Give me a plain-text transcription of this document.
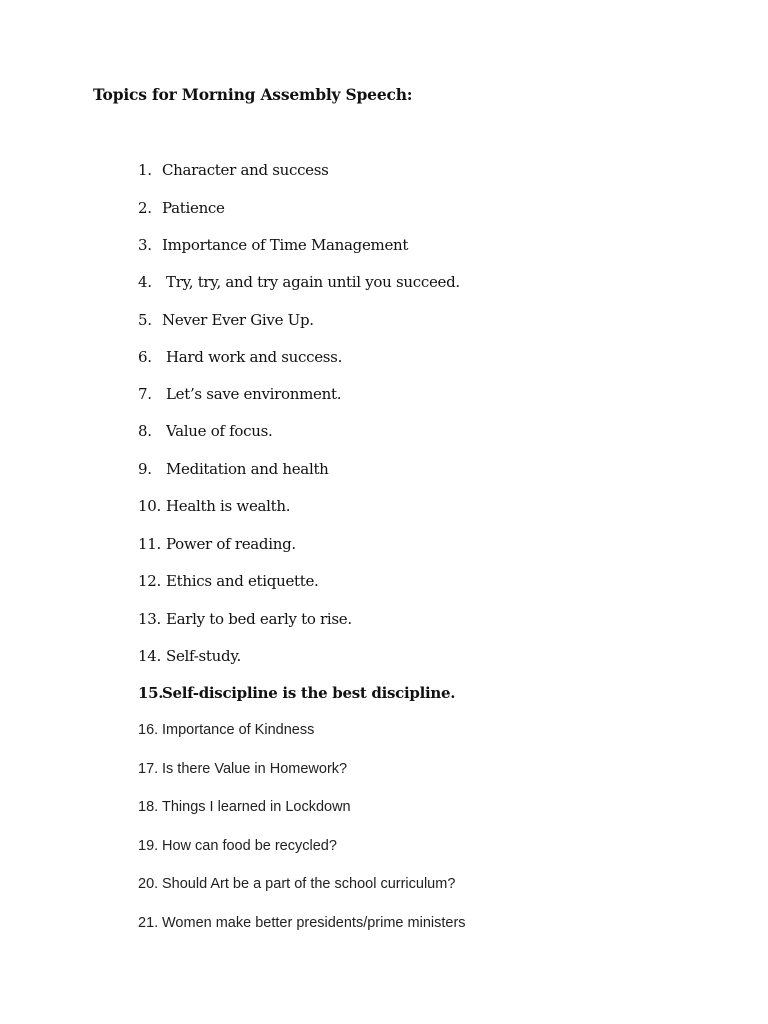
Topics for Morning Assembly Speech:
1. Character and success
2. Patience
3. Importance of Time Management
4. Try, try, and try again until you succeed.
5. Never Ever Give Up.
6. Hard work and success.
7. Let’s save environment.
8. Value of focus.
9. Meditation and health
10. Health is wealth.
11. Power of reading.
12. Ethics and etiquette.
13. Early to bed early to rise.
14. Self-study.
15.Self-discipline is the best discipline.
16. Importance of Kindness
17. Is there Value in Homework?
18. Things I learned in Lockdown
19. How can food be recycled?
20. Should Art be a part of the school curriculum?
21. Women make better presidents/prime ministers
